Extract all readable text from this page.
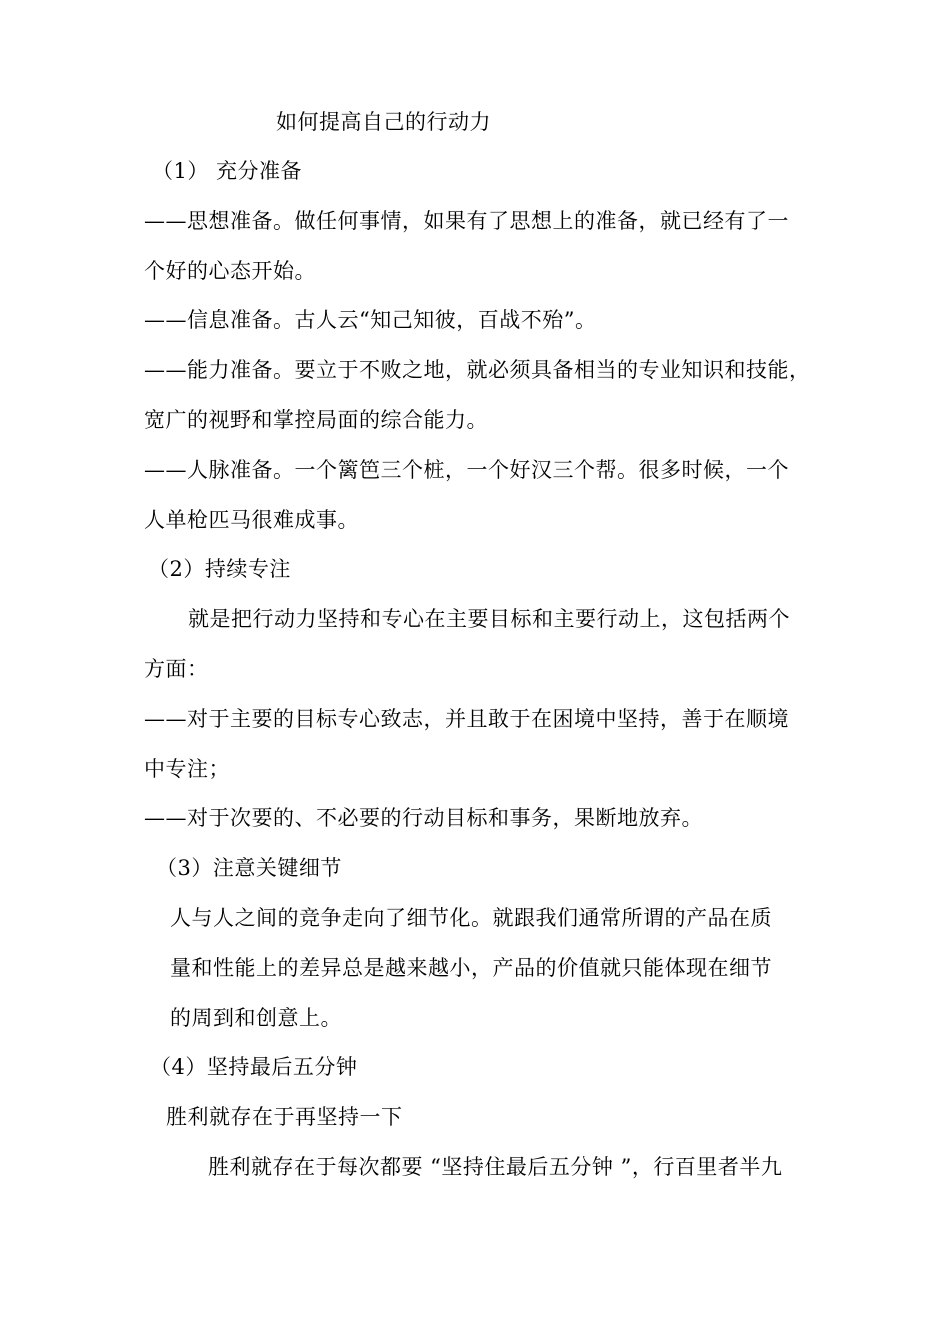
如何提高自己的行动力
（1） 充分准备
——思想准备。做任何事情，如果有了思想上的准备，就已经有了一
个好的心态开始。
——信息准备。古人云“知己知彼，百战不殆”。
——能力准备。要立于不败之地，就必须具备相当的专业知识和技能，
宽广的视野和掌控局面的综合能力。
——人脉准备。一个篱笆三个桩，一个好汉三个帮。很多时候，一个
人单枪匹马很难成事。
（2）持续专注
就是把行动力坚持和专心在主要目标和主要行动上，这包括两个
方面：
——对于主要的目标专心致志，并且敢于在困境中坚持，善于在顺境
中专注；
——对于次要的、不必要的行动目标和事务，果断地放弃。
（3）注意关键细节
人与人之间的竞争走向了细节化。就跟我们通常所谓的产品在质
量和性能上的差异总是越来越小，产品的价值就只能体现在细节
的周到和创意上。
（4）坚持最后五分钟
胜利就存在于再坚持一下
胜利就存在于每次都要 “坚持住最后五分钟 ”，行百里者半九
